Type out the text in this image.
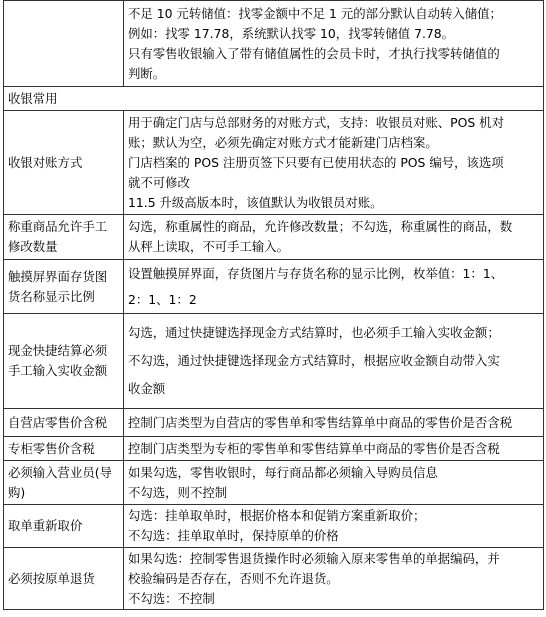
	不足 10 元转储值：找零金额中不足 1 元的部分默认自动转入储值；
例如：找零 17.78，系统默认找零 10，找零转储值 7.78。
只有零售收银输入了带有储值属性的会员卡时，才执行找零转储值的
判断。

收银常用	

收银对账方式	用于确定门店与总部财务的对账方式，支持：收银员对账、POS 机对
账；默认为空，必须先确定对账方式才能新建门店档案。
门店档案的 POS 注册页签下只要有已使用状态的 POS 编号，该选项
就不可修改
11.5 升级高版本时，该值默认为收银员对账。

称重商品允许手工
修改数量	勾选，称重属性的商品，允许修改数量；不勾选，称重属性的商品，数
从秤上读取，不可手工输入。

触摸屏界面存货图
货名称显示比例	设置触摸屏界面，存货图片与存货名称的显示比例，枚举值：1：1、
2：1、1：2

现金快捷结算必须
手工输入实收金额	勾选，通过快捷键选择现金方式结算时，也必须手工输入实收金额；
不勾选，通过快捷键选择现金方式结算时，根据应收金额自动带入实
收金额

自营店零售价含税	控制门店类型为自营店的零售单和零售结算单中商品的零售价是否含税

专柜零售价含税	控制门店类型为专柜的零售单和零售结算单中商品的零售价是否含税

必须输入营业员(导
购)	如果勾选，零售收银时，每行商品都必须输入导购员信息
不勾选，则不控制

取单重新取价	勾选：挂单取单时，根据价格本和促销方案重新取价；
不勾选：挂单取单时，保持原单的价格

必须按原单退货	如果勾选：控制零售退货操作时必须输入原来零售单的单据编码，并
校验编码是否存在，否则不允许退货。
不勾选：不控制
